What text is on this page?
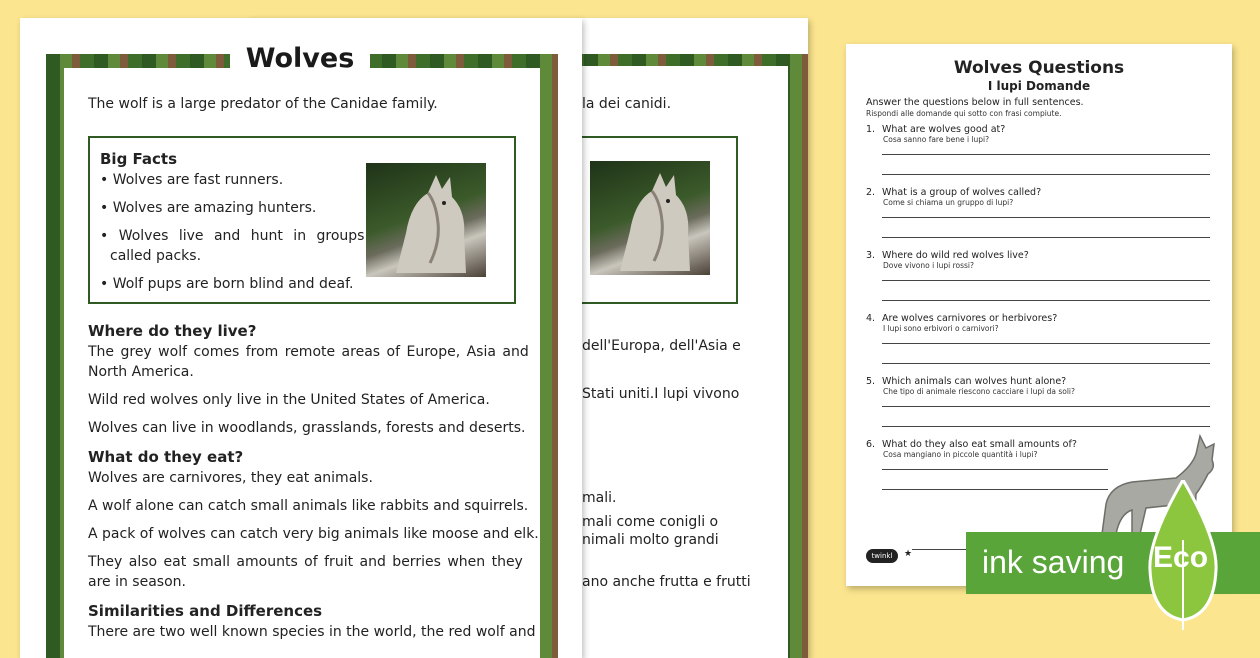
la dei canidi.
dell'Europa, dell'Asia e
Stati uniti.I lupi vivono
mali.
mali come conigli o
nimali molto grandi
ano anche frutta e frutti
Wolves
The wolf is a large predator of the Canidae family.
Big Facts
• Wolves are fast runners.
• Wolves are amazing hunters.
• Wolves live and hunt in groups
called packs.
• Wolf pups are born blind and deaf.
Where do they live?
The grey wolf comes from remote areas of Europe, Asia and
North America.
Wild red wolves only live in the United States of America.
Wolves can live in woodlands, grasslands, forests and deserts.
What do they eat?
Wolves are carnivores, they eat animals.
A wolf alone can catch small animals like rabbits and squirrels.
A pack of wolves can catch very big animals like moose and elk.
They also eat small amounts of fruit and berries when they
are in season.
Similarities and Differences
There are two well known species in the world, the red wolf and
Wolves Questions
I lupi Domande
Answer the questions below in full sentences.
Rispondi alle domande qui sotto con frasi compiute.
1. What are wolves good at?
Cosa sanno fare bene i lupi?
2. What is a group of wolves called?
Come si chiama un gruppo di lupi?
3. Where do wild red wolves live?
Dove vivono i lupi rossi?
4. Are wolves carnivores or herbivores?
I lupi sono erbivori o carnivori?
5. Which animals can wolves hunt alone?
Che tipo di animale riescono cacciare i lupi da soli?
6. What do they also eat small amounts of?
Cosa mangiano in piccole quantità i lupi?
twinkl	★ ink saving Eco
